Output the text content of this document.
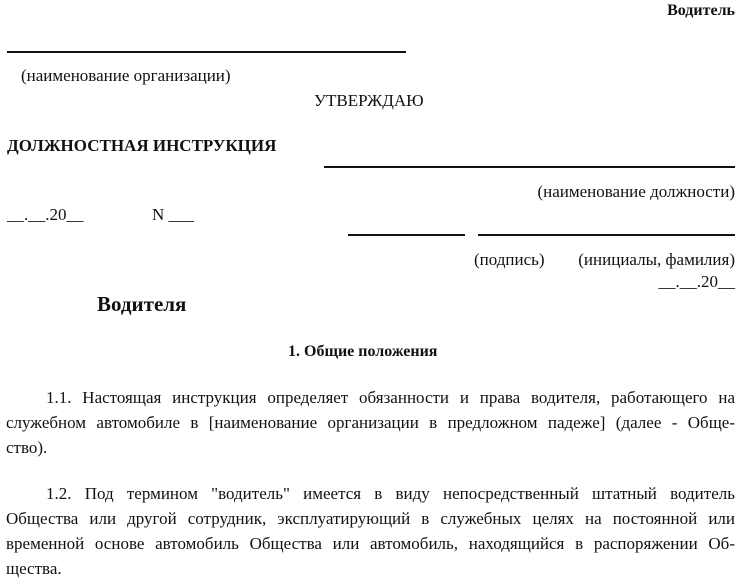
Водитель
(наименование организации)
УТВЕРЖДАЮ
ДОЛЖНОСТНАЯ ИНСТРУКЦИЯ
(наименование должности)
__.__.20__	N ___
(подпись) (инициалы, фамилия)
__.__.20__
Водителя
1. Общие положения
1.1. Настоящая инструкция определяет обязанности и права водителя, работающего на
служебном автомобиле в [наименование организации в предложном падеже] (далее - Обще-
ство).
1.2. Под термином "водитель" имеется в виду непосредственный штатный водитель
Общества или другой сотрудник, эксплуатирующий в служебных целях на постоянной или
временной основе автомобиль Общества или автомобиль, находящийся в распоряжении Об-
щества.
